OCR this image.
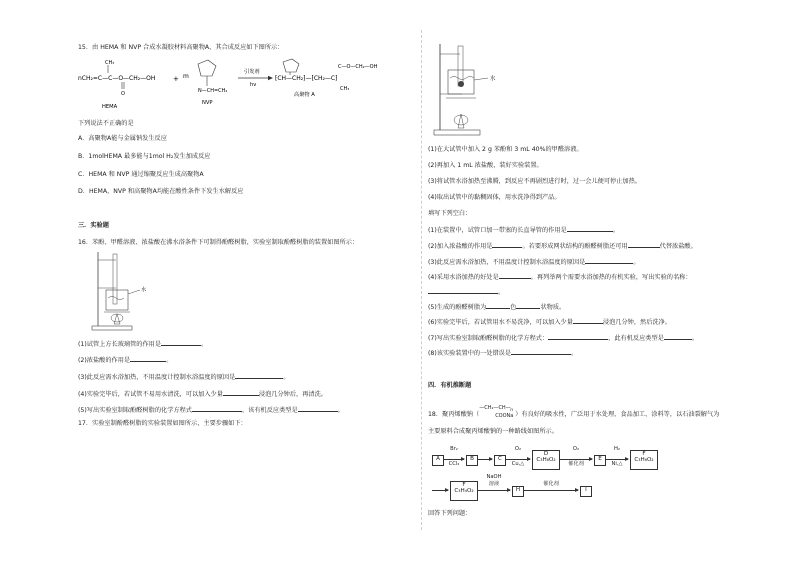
15．由 HEMA 和 NVP 合成水凝胶材料高聚物A，其合成反应如下图所示：
nCH₂=C—C—O—CH₂—OH
CH₃
O
HEMA
+ m
N—CH=CH₂
NVP
引发剂
hv
⁅CH—CH₂⁆—⁅CH₂—C⁆
C—O—CH₂—OH
CH₃
高聚物 A
下列说法不正确的是
A．高聚物A能与金属钠发生反应
B．1molHEMA 最多能与1mol H₂发生加成反应
C．HEMA 和 NVP 通过缩聚反应生成高聚物A
D．HEMA，NVP 和高聚物A均能在酸性条件下发生水解反应
三．实验题
16．苯酚、甲醛溶液、浓盐酸在沸水浴条件下可制得酚醛树脂，实验室制取酚醛树脂的装置如图所示：
水
(1)试管上方长玻璃管的作用是	。
(2)浓盐酸的作用是	。
(3)此反应需水浴加热，不用温度计控制水浴温度的原因是	。
(4)实验完毕后，若试管不易用水清洗，可以加入少量	浸泡几分钟后，再清洗。
(5)写出实验室制取酚醛树脂的化学方程式	，该有机反应类型是	。
17．实验室制酚醛树脂的实验装置如图所示，主要步骤如下：
水
(1)在大试管中加入 2 g 苯酚和 3 mL 40%的甲醛溶液。
(2)再加入 1 mL 浓盐酸，装好实验装置。
(3)将试管水浴加热至沸腾，到反应不再剧烈进行时，过一会儿便可停止加热。
(4)取出试管中的黏稠固体，用水洗净得到产品。
填写下列空白：
(1)在装置中，试管口加一带塞的长直导管的作用是	。
(2)加入浓盐酸的作用是	。若要形成网状结构的酚醛树脂还可用	代替浓盐酸。
(3)此反应需水浴加热，不用温度计控制水浴温度的原因是	。
(4)采用水浴加热的好处是	。再列举两个需要水浴加热的有机实验，写出实验的名称：
。
(5)生成的酚醛树脂为	色	状物质。
(6)实验完毕后，若试管用水不易洗净，可以加入少量	浸泡几分钟，然后洗净。
(7)写出实验室制取酚醛树脂的化学方程式：	，此有机反应类型是	。
(8)该实验装置中的一处错误是	。
四．有机推断题
18．聚丙烯酸钠（
—CH₂—CH—
COONa
n
）有良好的吸水性，广泛用于水处理、食品加工、涂料等，以石油裂解气为
主要原料合成聚丙烯酸钠的一种路线如图所示。
A
Br₂
CCl₄
B	C
O₂
Cu,△
D
C₃H₈O₂
O₂
催化剂
E
H₂
Ni,△
F
C₃H₆O₂
F
C₃H₄O₂
NaOH
溶液
H
催化剂
I
回答下列问题：
